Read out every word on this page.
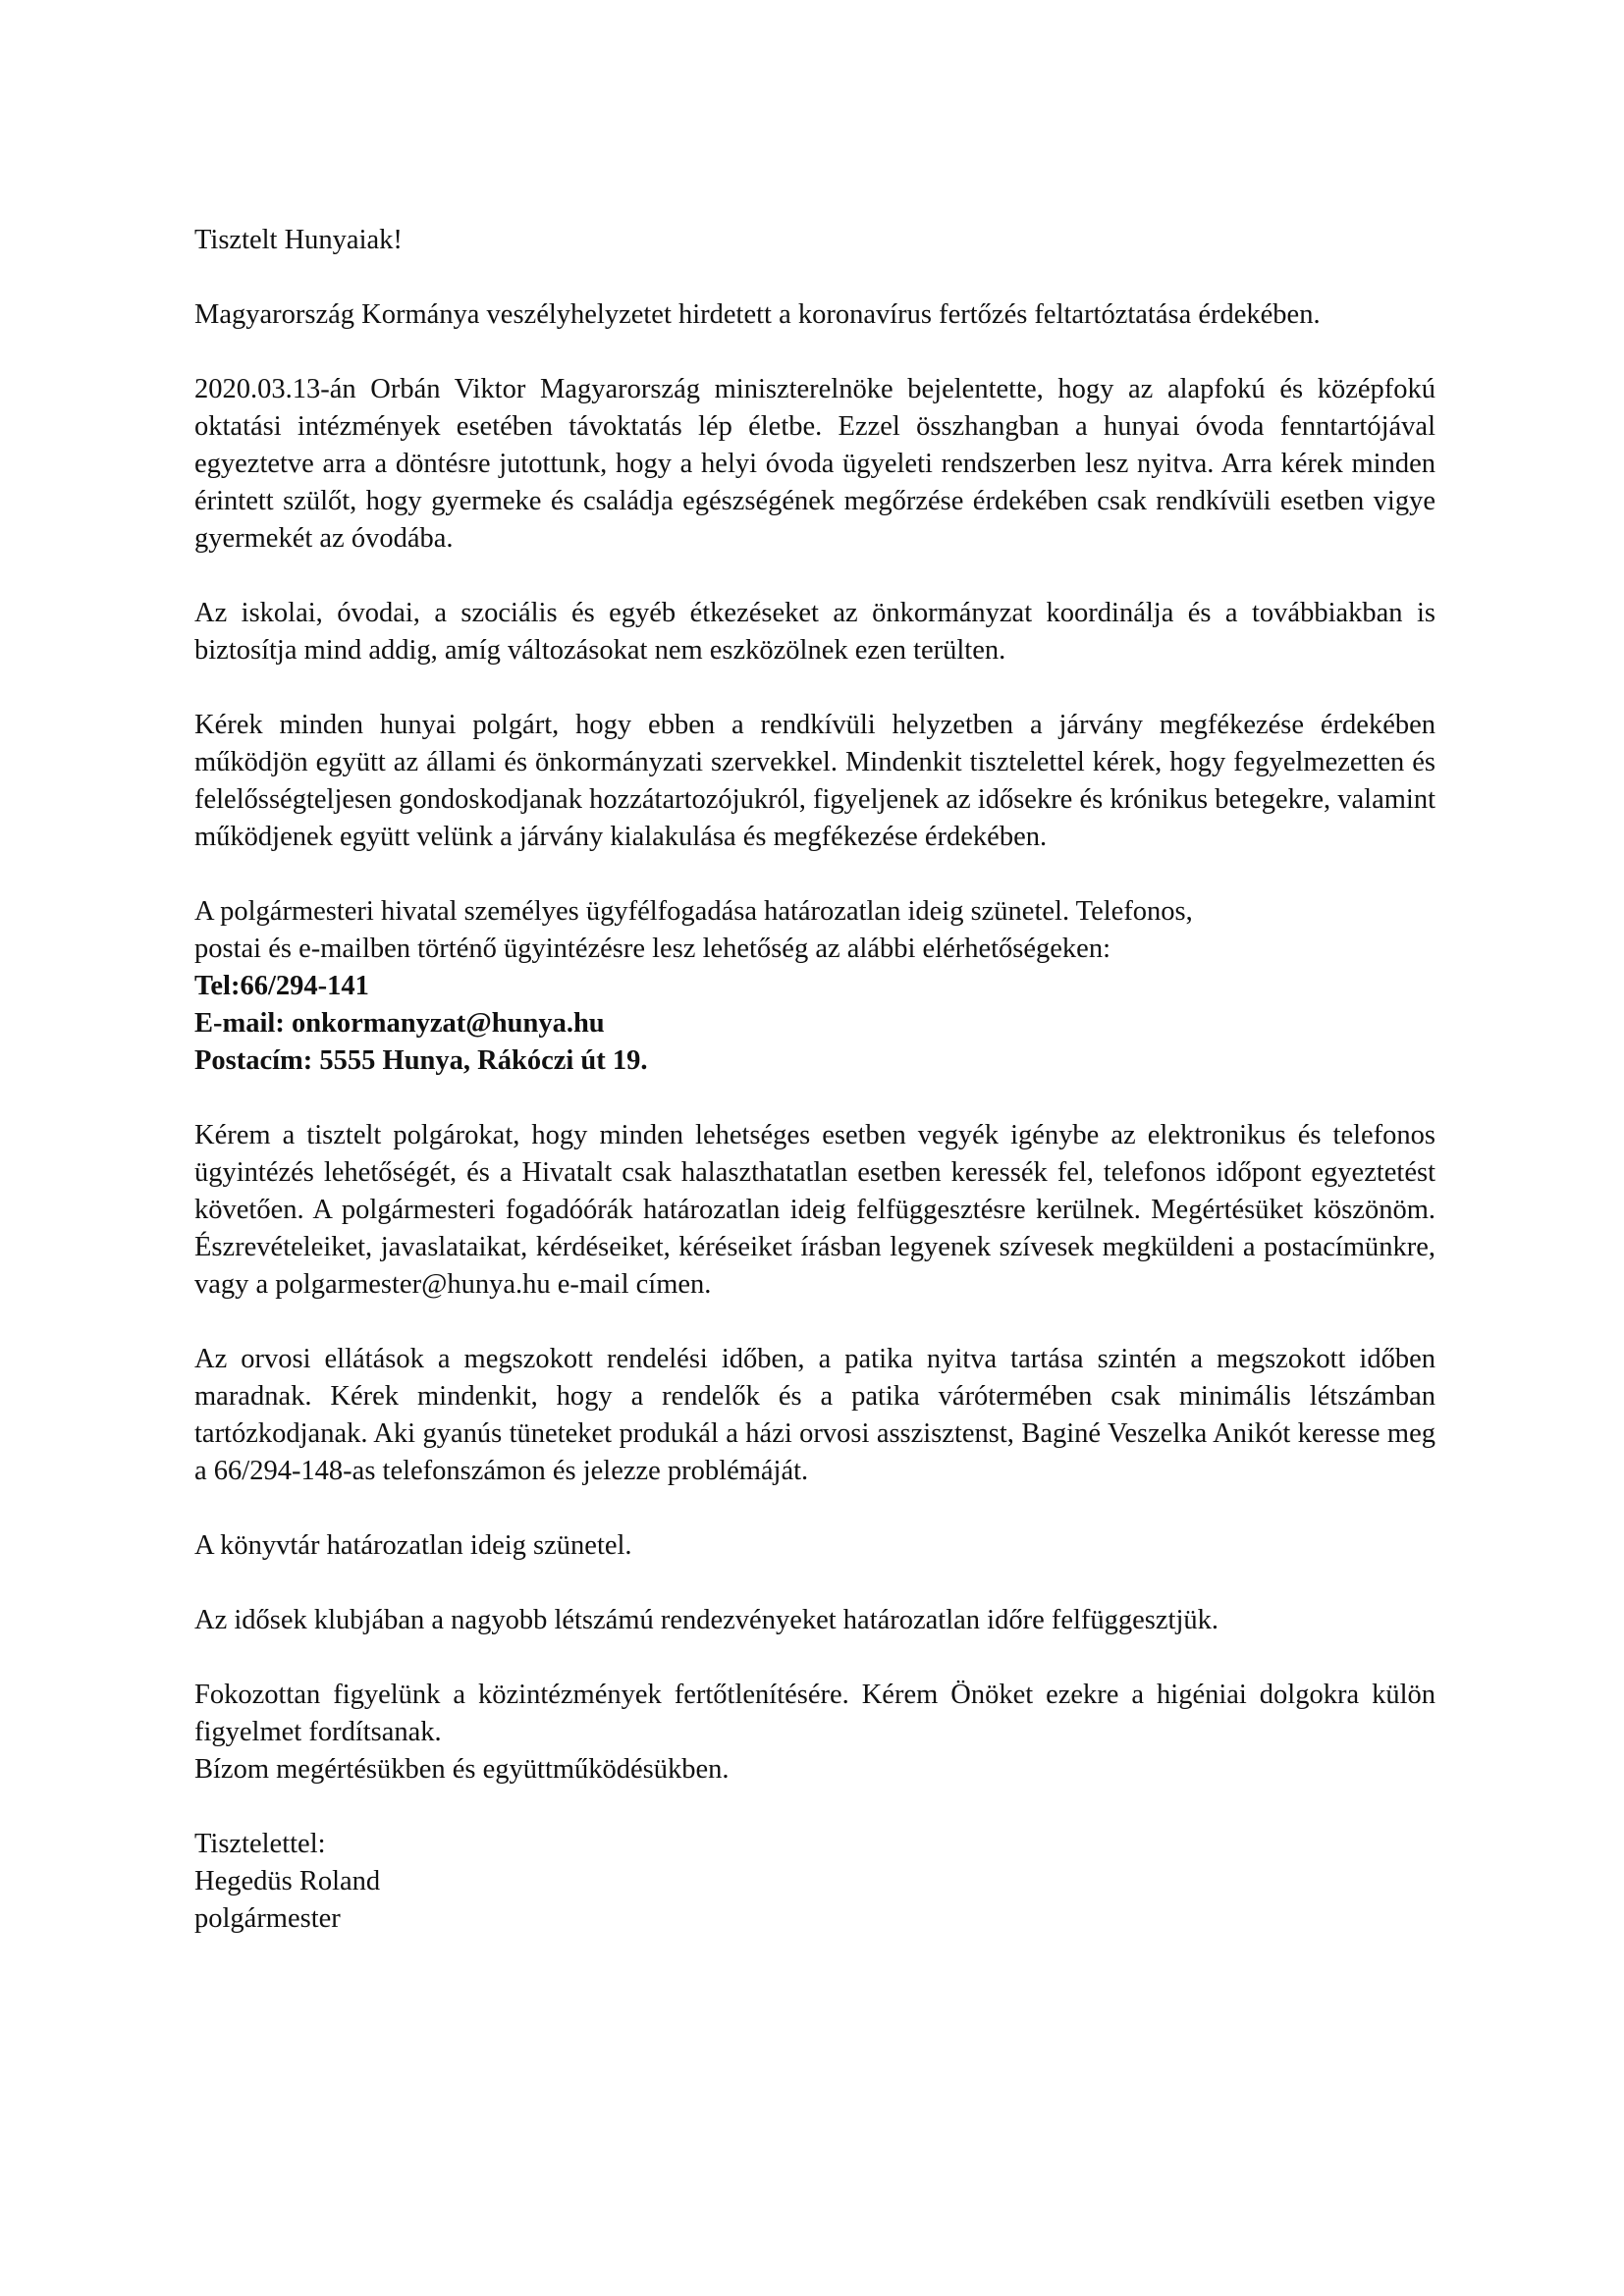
Tisztelt Hunyaiak!

Magyarország Kormánya veszélyhelyzetet hirdetett a koronavírus fertőzés feltartóztatása érdekében.

2020.03.13-án Orbán Viktor Magyarország miniszterelnöke bejelentette, hogy az alapfokú és középfokú oktatási intézmények esetében távoktatás lép életbe. Ezzel összhangban a hunyai óvoda fenntartójával egyeztetve arra a döntésre jutottunk, hogy a helyi óvoda ügyeleti rendszerben lesz nyitva. Arra kérek minden érintett szülőt, hogy gyermeke és családja egészségének megőrzése érdekében csak rendkívüli esetben vigye gyermekét az óvodába.

Az iskolai, óvodai, a szociális és egyéb étkezéseket az önkormányzat koordinálja és a továbbiakban is biztosítja mind addig, amíg változásokat nem eszközölnek ezen terülten.

Kérek minden hunyai polgárt, hogy ebben a rendkívüli helyzetben a járvány megfékezése érdekében működjön együtt az állami és önkormányzati szervekkel. Mindenkit tisztelettel kérek, hogy fegyelmezetten és felelősségteljesen gondoskodjanak hozzátartozójukról, figyeljenek az idősekre és krónikus betegekre, valamint működjenek együtt velünk a járvány kialakulása és megfékezése érdekében.

A polgármesteri hivatal személyes ügyfélfogadása határozatlan ideig szünetel. Telefonos,
postai és e-mailben történő ügyintézésre lesz lehetőség az alábbi elérhetőségeken:
Tel:66/294-141
E-mail: onkormanyzat@hunya.hu
Postacím: 5555 Hunya, Rákóczi út 19.

Kérem a tisztelt polgárokat, hogy minden lehetséges esetben vegyék igénybe az elektronikus és telefonos ügyintézés lehetőségét, és a Hivatalt csak halaszthatatlan esetben keressék fel, telefonos időpont egyeztetést követően. A polgármesteri fogadóórák határozatlan ideig felfüggesztésre kerülnek. Megértésüket köszönöm. Észrevételeiket, javaslataikat, kérdéseiket, kéréseiket írásban legyenek szívesek megküldeni a postacímünkre, vagy a polgarmester@hunya.hu e-mail címen.

Az orvosi ellátások a megszokott rendelési időben, a patika nyitva tartása szintén a megszokott időben maradnak. Kérek mindenkit, hogy a rendelők és a patika várótermében csak minimális létszámban tartózkodjanak. Aki gyanús tüneteket produkál a házi orvosi asszisztenst, Baginé Veszelka Anikót keresse meg a 66/294-148-as telefonszámon és jelezze problémáját.

A könyvtár határozatlan ideig szünetel.

Az idősek klubjában a nagyobb létszámú rendezvényeket határozatlan időre felfüggesztjük.

Fokozottan figyelünk a közintézmények fertőtlenítésére. Kérem Önöket ezekre a higéniai dolgokra külön figyelmet fordítsanak.
Bízom megértésükben és együttműködésükben.
Tisztelettel:
Hegedüs Roland
polgármester
